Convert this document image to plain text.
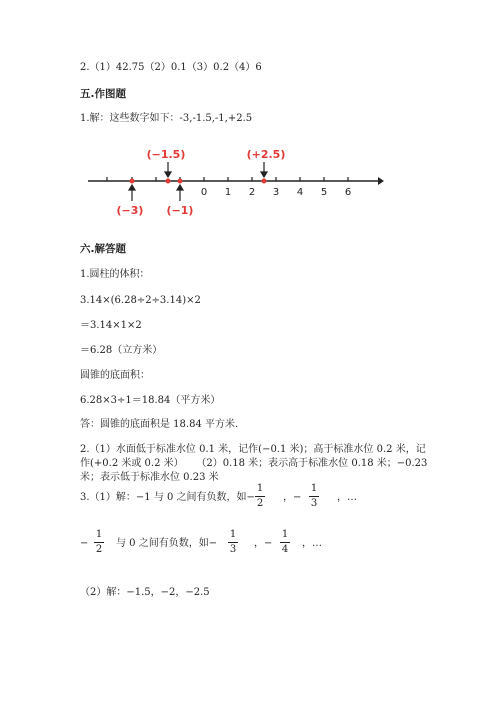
2.（1）42.75（2）0.1（3）0.2（4）6
五.作图题
1.解：这些数字如下：-3,-1.5,-1,+2.5
0 1 2 3 4 5 6
(−1.5)	(+2.5)
(−3) (−1)
六.解答题
1.圆柱的体积：
3.14×(6.28÷2÷3.14)×2
＝3.14×1×2
＝6.28（立方米）
圆锥的底面积：
6.28×3÷1＝18.84（平方米）
答：圆锥的底面积是 18.84 平方米.
2.（1）水面低于标准水位 0.1 米，记作(−0.1 米)；高于标准水位 0.2 米，记
作(+0.2 米或 0.2 米）    （2）0.18 米；表示高于标准水位 0.18 米；−0.23
米；表示低于标准水位 0.23 米
3.（1）解：−1 与 0 之间有负数，如−
1
2
，−
1
3
，…
−
1
2
与 0 之间有负数，如−
1
3
，−
1
4
，…
（2）解：−1.5，−2，−2.5
